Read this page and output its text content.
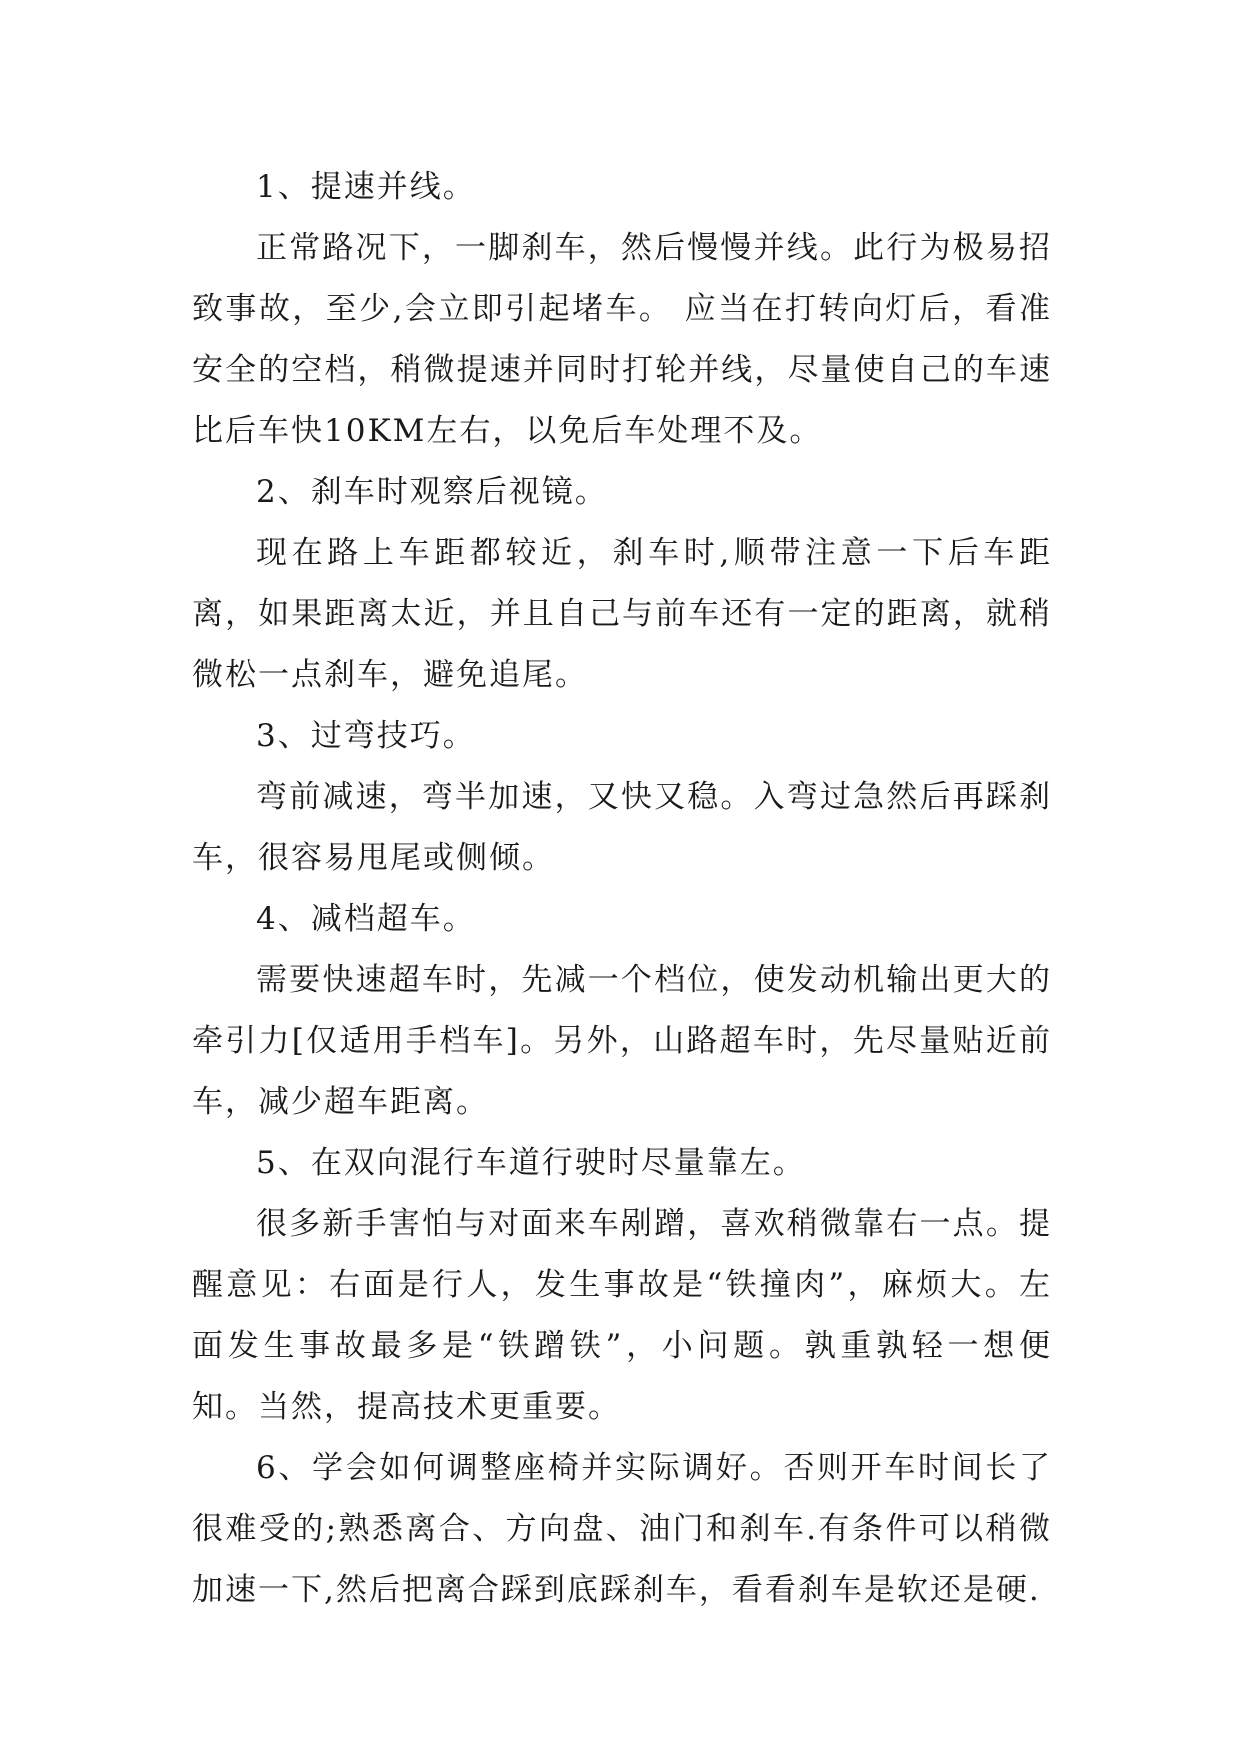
1、提速并线。

正常路况下，一脚刹车，然后慢慢并线。此行为极易招致事故，至少,会立即引起堵车。 应当在打转向灯后，看准安全的空档，稍微提速并同时打轮并线，尽量使自己的车速比后车快10KM左右，以免后车处理不及。

2、刹车时观察后视镜。

现在路上车距都较近，刹车时,顺带注意一下后车距离，如果距离太近，并且自己与前车还有一定的距离，就稍微松一点刹车，避免追尾。

3、过弯技巧。

弯前减速，弯半加速，又快又稳。入弯过急然后再踩刹车，很容易甩尾或侧倾。

4、减档超车。

需要快速超车时，先减一个档位，使发动机输出更大的牵引力[仅适用手档车]。另外，山路超车时，先尽量贴近前车，减少超车距离。

5、在双向混行车道行驶时尽量靠左。

很多新手害怕与对面来车剐蹭，喜欢稍微靠右一点。提醒意见：右面是行人，发生事故是“铁撞肉”，麻烦大。左面发生事故最多是“铁蹭铁”，小问题。孰重孰轻一想便知。当然，提高技术更重要。

6、学会如何调整座椅并实际调好。否则开车时间长了很难受的;熟悉离合、方向盘、油门和刹车.有条件可以稍微加速一下,然后把离合踩到底踩刹车，看看刹车是软还是硬.
